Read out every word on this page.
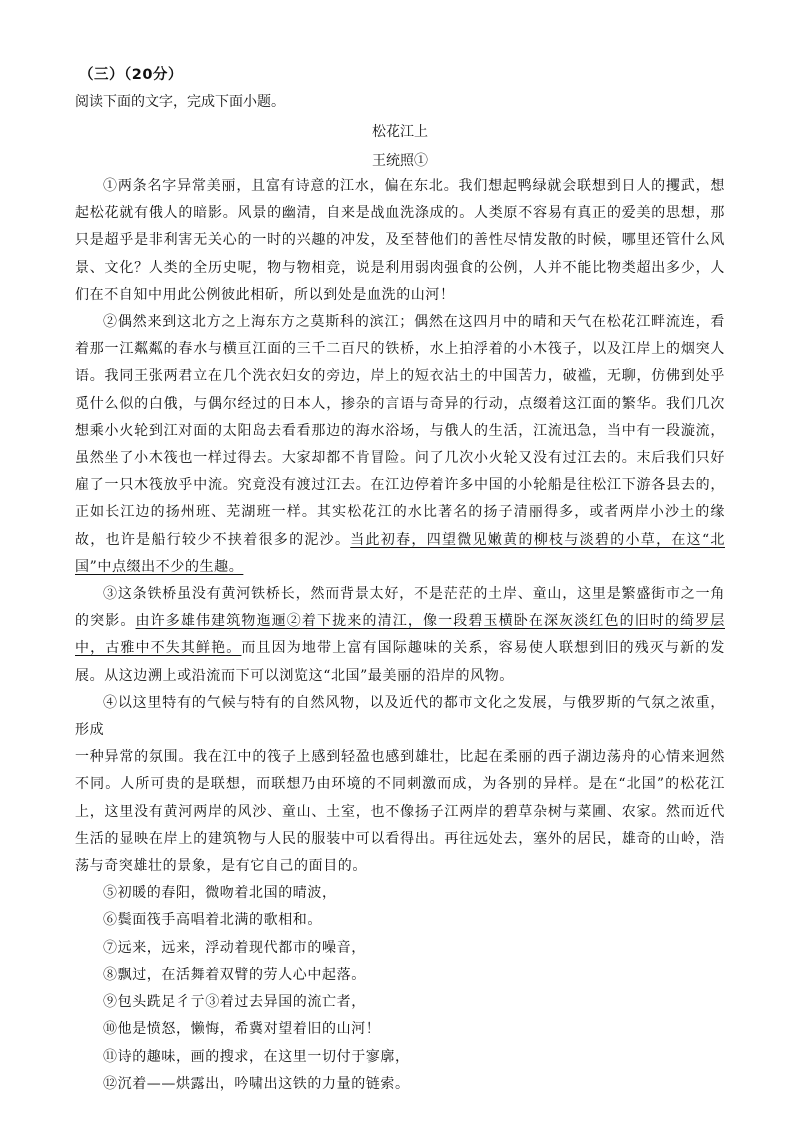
（三）（20分）
阅读下面的文字，完成下面小题。
松花江上
王统照①

①两条名字异常美丽，且富有诗意的江水，偏在东北。我们想起鸭绿就会联想到日人的攫武，想起松花就有俄人的暗影。风景的幽清，自来是战血洗涤成的。人类原不容易有真正的爱美的思想，那只是超乎是非利害无关心的一时的兴趣的冲发，及至替他们的善性尽情发散的时候，哪里还管什么风景、文化？人类的全历史呢，物与物相竞，说是利用弱肉强食的公例，人并不能比物类超出多少，人们在不自知中用此公例彼此相斫，所以到处是血洗的山河！

②偶然来到这北方之上海东方之莫斯科的滨江；偶然在这四月中的晴和天气在松花江畔流连，看着那一江粼粼的春水与横亘江面的三千二百尺的铁桥，水上拍浮着的小木筏子，以及江岸上的烟突人语。我同王张两君立在几个洗衣妇女的旁边，岸上的短衣沾土的中国苦力，破褴，无聊，仿佛到处乎觅什么似的白俄，与偶尔经过的日本人，掺杂的言语与奇异的行动，点缀着这江面的繁华。我们几次想乘小火轮到江对面的太阳岛去看看那边的海水浴场，与俄人的生活，江流迅急，当中有一段漩流，虽然坐了小木筏也一样过得去。大家却都不肯冒险。问了几次小火轮又没有过江去的。末后我们只好雇了一只木筏放乎中流。究竟没有渡过江去。在江边停着许多中国的小轮船是往松江下游各县去的，正如长江边的扬州班、芜湖班一样。其实松花江的水比著名的扬子清丽得多，或者两岸小沙土的缘故，也许是船行较少不挟着很多的泥沙。当此初春，四望微见嫩黄的柳枝与淡碧的小草，在这“北国”中点缀出不少的生趣。

③这条铁桥虽没有黄河铁桥长，然而背景太好，不是茫茫的土岸、童山，这里是繁盛街市之一角的突影。由许多雄伟建筑物迤逦②着下拢来的清江，像一段碧玉横卧在深灰淡红色的旧时的绮罗层中，古雅中不失其鲜艳。而且因为地带上富有国际趣味的关系，容易使人联想到旧的残灭与新的发展。从这边溯上或沿流而下可以浏览这“北国”最美丽的沿岸的风物。

④以这里特有的气候与特有的自然风物，以及近代的都市文化之发展，与俄罗斯的气氛之浓重，形成

一种异常的氛围。我在江中的筏子上感到轻盈也感到雄壮，比起在柔丽的西子湖边荡舟的心情来迥然不同。人所可贵的是联想，而联想乃由环境的不同刺激而成，为各别的异样。是在“北国”的松花江上，这里没有黄河两岸的风沙、童山、土室，也不像扬子江两岸的碧草杂树与菜圃、农家。然而近代生活的显映在岸上的建筑物与人民的服装中可以看得出。再往远处去，塞外的居民，雄奇的山岭，浩荡与奇突雄壮的景象，是有它自己的面目的。

⑤初暖的春阳，微吻着北国的晴波，

⑥鬓面筏手高唱着北满的歌相和。

⑦远来，远来，浮动着现代都市的噪音，

⑧飘过，在活舞着双臂的劳人心中起落。

⑨包头跣足彳亍③着过去异国的流亡者，

⑩他是愤怒，懒悔，希冀对望着旧的山河！

⑪诗的趣味，画的搜求，在这里一切付于寥廓，

⑫沉着——烘露出，吟啸出这铁的力量的链索。
